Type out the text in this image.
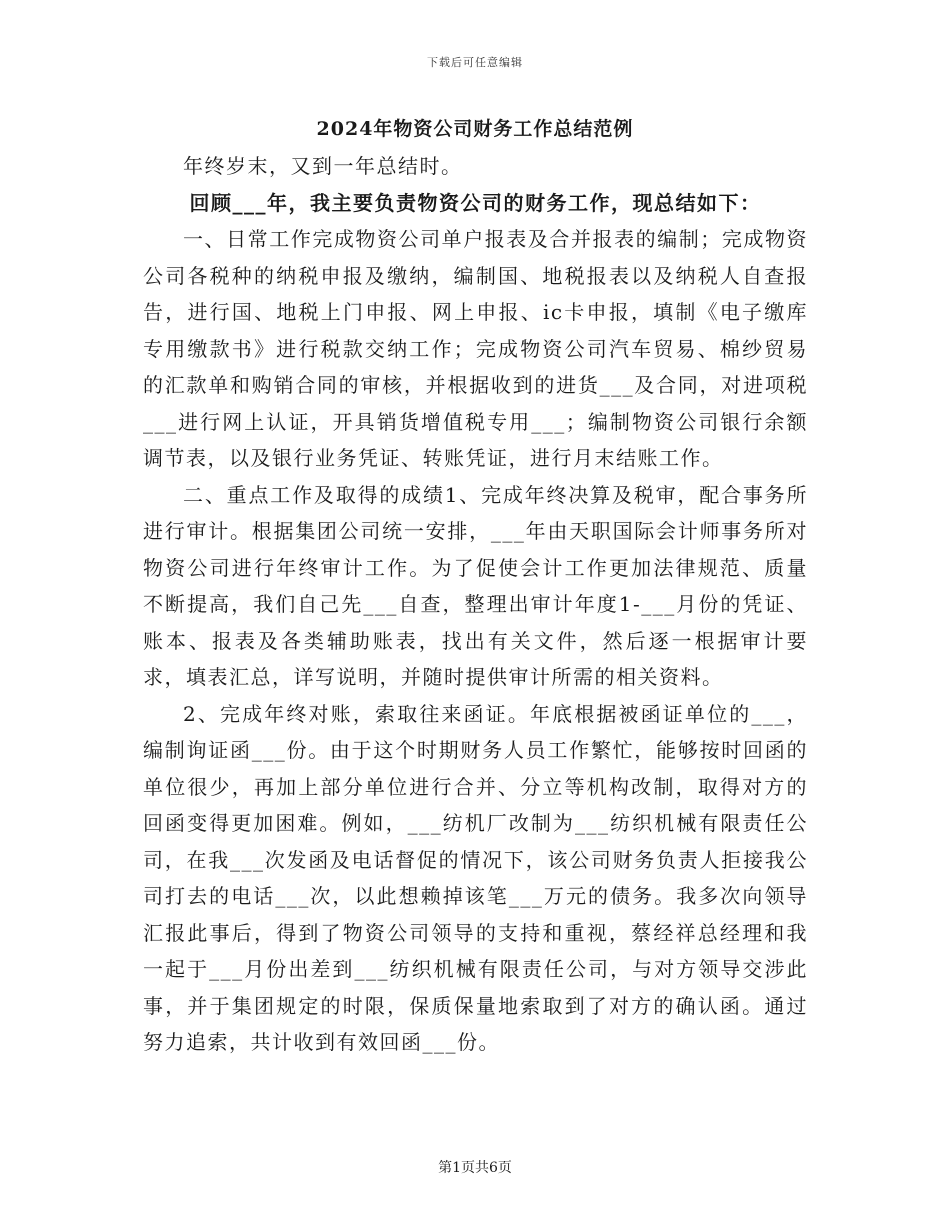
下载后可任意编辑
2024年物资公司财务工作总结范例

年终岁末，又到一年总结时。

回顾___年，我主要负责物资公司的财务工作，现总结如下：

一、日常工作完成物资公司单户报表及合并报表的编制；完成物资公司各税种的纳税申报及缴纳，编制国、地税报表以及纳税人自查报告，进行国、地税上门申报、网上申报、ic卡申报，填制《电子缴库专用缴款书》进行税款交纳工作；完成物资公司汽车贸易、棉纱贸易的汇款单和购销合同的审核，并根据收到的进货___及合同，对进项税___进行网上认证，开具销货增值税专用___；编制物资公司银行余额调节表，以及银行业务凭证、转账凭证，进行月末结账工作。

二、重点工作及取得的成绩1、完成年终决算及税审，配合事务所进行审计。根据集团公司统一安排，___年由天职国际会计师事务所对物资公司进行年终审计工作。为了促使会计工作更加法律规范、质量不断提高，我们自己先___自查，整理出审计年度1-___月份的凭证、账本、报表及各类辅助账表，找出有关文件，然后逐一根据审计要求，填表汇总，详写说明，并随时提供审计所需的相关资料。

2、完成年终对账，索取往来函证。年底根据被函证单位的___，编制询证函___份。由于这个时期财务人员工作繁忙，能够按时回函的单位很少，再加上部分单位进行合并、分立等机构改制，取得对方的回函变得更加困难。例如，___纺机厂改制为___纺织机械有限责任公司，在我___次发函及电话督促的情况下，该公司财务负责人拒接我公司打去的电话___次，以此想赖掉该笔___万元的债务。我多次向领导汇报此事后，得到了物资公司领导的支持和重视，蔡经祥总经理和我一起于___月份出差到___纺织机械有限责任公司，与对方领导交涉此事，并于集团规定的时限，保质保量地索取到了对方的确认函。通过努力追索，共计收到有效回函___份。

第1页共6页
